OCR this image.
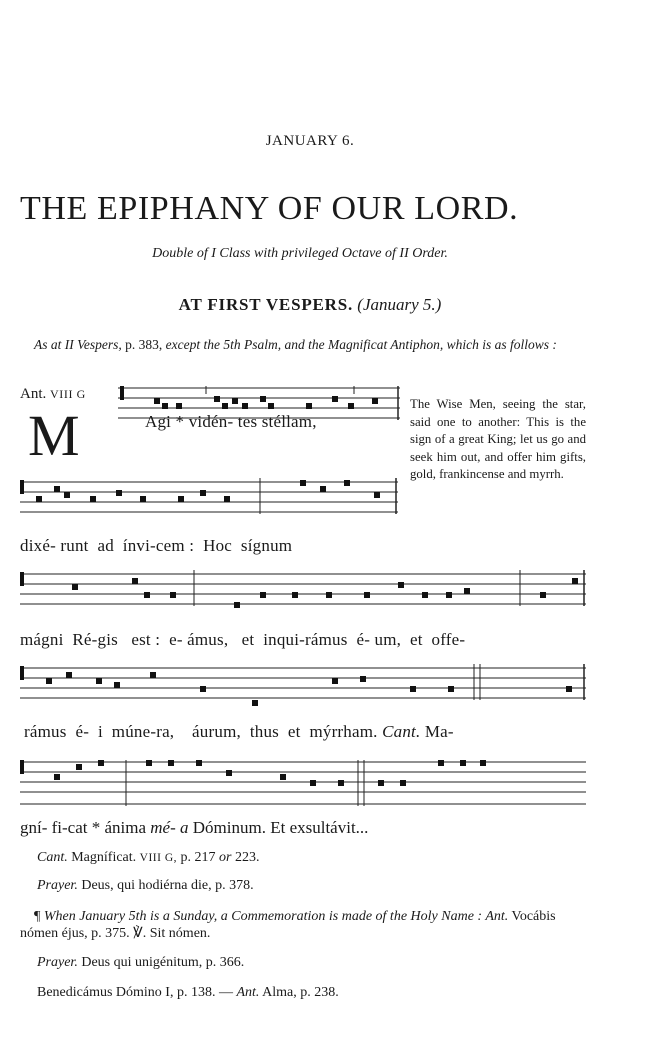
JANUARY 6.
THE EPIPHANY OF OUR LORD.
Double of I Class with privileged Octave of II Order.
AT FIRST VESPERS. (January 5.)
As at II Vespers, p. 383, except the 5th Psalm, and the Magnificat Antiphon, which is as follows :
Ant. VIII G
M	The Wise Men, seeing the star, said one to another: This is the sign of a great King; let us go and seek him out, and offer him gifts, gold, frankincense and myrrh.
Agi * vidén- tes stéllam,
dixé- runt  ad  ínvi-cem :  Hoc  sígnum
mágni  Ré-gis   est :  e- ámus,   et  inqui-rámus  é- um,  et  offe-
rámus  é-  i  múne-ra,    áurum,  thus  et  mýrrham. Cant. Ma-
gní- fi-cat * ánima mé- a Dóminum. Et exsultávit...
Cant. Magníficat. VIII G, p. 217 or 223.
Prayer. Deus, qui hodiérna die, p. 378.
¶ When January 5th is a Sunday, a Commemoration is made of the Holy Name : Ant. Vocábis nómen éjus, p. 375. ℣. Sit nómen.
Prayer. Deus qui unigénitum, p. 366.
Benedicámus Dómino I, p. 138. — Ant. Alma, p. 238.
